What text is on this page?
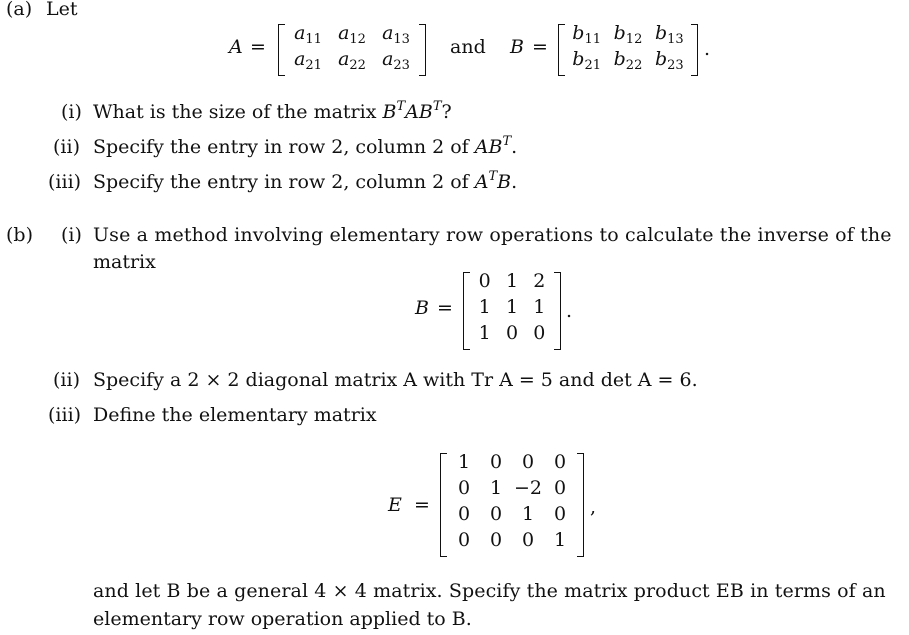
(a) Let
A =
$a_{11}$ $a_{12}$ $a_{13}$
$a_{21}$ $a_{22}$ $a_{23}$
and B =
$b_{11}$ $b_{12}$ $b_{13}$
$b_{21}$ $b_{22}$ $b_{23}$
.
(i) What is the size of the matrix $B^TAB^T$?
(ii) Specify the entry in row 2, column 2 of $AB^T$.
(iii) Specify the entry in row 2, column 2 of $A^TB$.
(b) (i) Use a method involving elementary row operations to calculate the inverse of the
matrix
B =
0 1 2
1 1 1
1 0 0
.
(ii) Specify a 2 × 2 diagonal matrix A with Tr A = 5 and det A = 6.
(iii) Define the elementary matrix
E =
1	0	0	0
0	1 −2 0
0	0	1	0
0	0	0	1
,
and let B be a general 4 × 4 matrix. Specify the matrix product EB in terms of an
elementary row operation applied to B.
